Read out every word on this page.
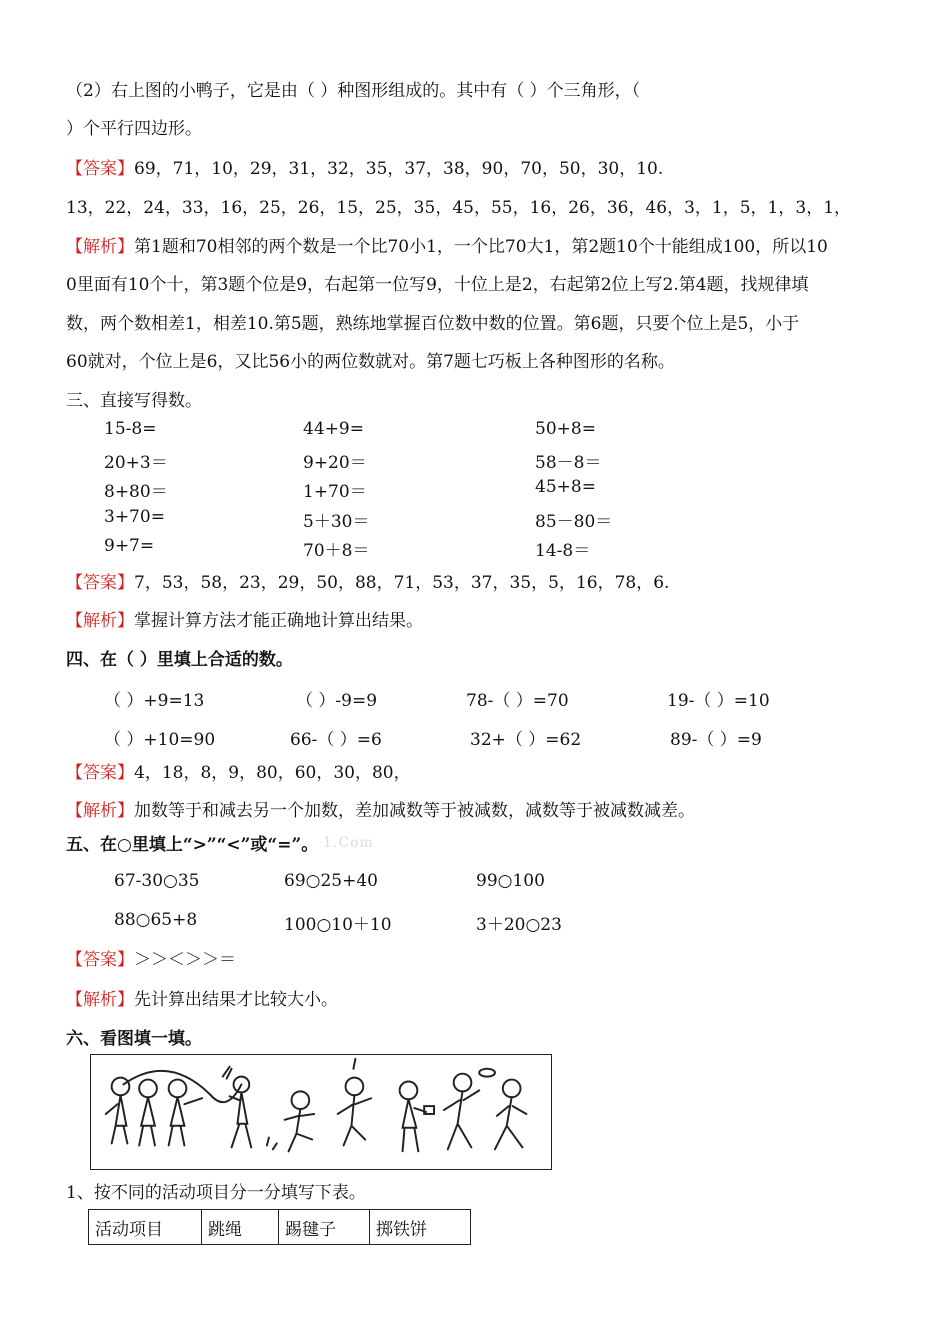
（2）右上图的小鸭子，它是由（ ）种图形组成的。其中有（ ）个三角形，（
）个平行四边形。
【答案】69，71，10，29，31，32，35，37，38，90，70，50，30，10.
13，22，24，33，16，25，26，15，25，35，45，55，16，26，36，46，3，1，5，1，3，1，
【解析】第1题和70相邻的两个数是一个比70小1，一个比70大1，第2题10个十能组成100，所以10
0里面有10个十，第3题个位是9，右起第一位写9，十位上是2，右起第2位上写2.第4题，找规律填
数，两个数相差1，相差10.第5题，熟练地掌握百位数中数的位置。第6题，只要个位上是5，小于
60就对，个位上是6，又比56小的两位数就对。第7题七巧板上各种图形的名称。
三、直接写得数。
15-8=	44+9=	50+8=
20+3＝	9+20＝	58－8＝
8+80＝	1+70＝	45+8=
3+70=	5＋30＝	85－80＝
9+7=	70＋8＝	14-8＝
【答案】7，53，58，23，29，50，88，71，53，37，35，5，16，78，6.
【解析】掌握计算方法才能正确地计算出结果。
四、在（ ）里填上合适的数。
（ ）+9=13	（ ）-9=9	78-（ ）=70	19-（ ）=10
（ ）+10=90	66-（ ）=6	32+（ ）=62	89-（ ）=9
【答案】4，18，8，9，80，60，30，80，
【解析】加数等于和减去另一个加数，差加减数等于被减数，减数等于被减数减差。
五、在○里填上“>”“<”或“=”。 1.Com
67-30○35	69○25+40	99○100
88○65+8	100○10＋10	3＋20○23
【答案】＞＞＜＞＞＝
【解析】先计算出结果才比较大小。
六、看图填一填。
1、按不同的活动项目分一分填写下表。
活动项目	跳绳	踢毽子	掷铁饼
